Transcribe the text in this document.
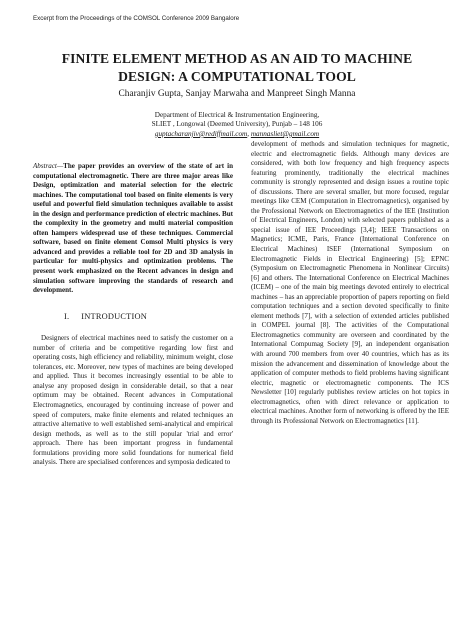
Excerpt from the Proceedings of the COMSOL Conference 2009 Bangalore
FINITE ELEMENT METHOD AS AN AID TO MACHINE
DESIGN: A COMPUTATIONAL TOOL
Charanjiv Gupta, Sanjay Marwaha and Manpreet Singh Manna
Department of Electrical & Instrumentation Engineering,
SLIET , Longowal (Deemed University), Punjab – 148 106
guptacharanjiv@rediffmail.com, mannasliet@gmail.com
Abstract—The paper provides an overview of the state of art in computational electromagnetic. There are three major areas like Design, optimization and material selection for the electric machines. The computational tool based on finite elements is very useful and powerful field simulation techniques available to assist in the design and performance prediction of electric machines. But the complexity in the geometry and multi material composition often hampers widespread use of these techniques. Commercial software, based on finite element Comsol Multi physics is very advanced and provides a reliable tool for 2D and 3D analysis in particular for multi-physics and optimization problems. The present work emphasized on the Recent advances in design and simulation software improving the standards of research and development.
I. INTRODUCTION

Designers of electrical machines need to satisfy the customer on a number of criteria and be competitive regarding low first and operating costs, high efficiency and reliability, minimum weight, close tolerances, etc. Moreover, new types of machines are being developed and applied. Thus it becomes increasingly essential to be able to analyse any proposed design in considerable detail, so that a near optimum may be obtained. Recent advances in Computational Electromagnetics, encouraged by continuing increase of power and speed of computers, make finite elements and related techniques an attractive alternative to well established semi-analytical and empirical design methods, as well as to the still popular 'trial and error' approach. There has been important progress in fundamental formulations providing more solid foundations for numerical field analysis. There are specialised conferences and symposia dedicated to

development of methods and simulation techniques for magnetic, electric and electromagnetic fields. Although many devices are considered, with both low frequency and high frequency aspects featuring prominently, traditionally the electrical machines community is strongly represented and design issues a routine topic of discussions. There are several smaller, but more focused, regular meetings like CEM (Computation in Electromagnetics), organised by the Professional Network on Electromagnetics of the IEE (Institution of Electrical Engineers, London) with selected papers published as a special issue of IEE Proceedings [3,4]; IEEE Transactions on Magnetics; ICME, Paris, France (International Conference on Electrical Machines) ISEF (International Symposium on Electromagnetic Fields in Electrical Engineering) [5]; EPNC (Symposium on Electromagnetic Phenomena in Nonlinear Circuits) [6] and others. The International Conference on Electrical Machines (ICEM) – one of the main big meetings devoted entirely to electrical machines – has an appreciable proportion of papers reporting on field computation techniques and a section devoted specifically to finite element methods [7], with a selection of extended articles published in COMPEL journal [8]. The activities of the Computational Electromagnetics community are overseen and coordinated by the International Compumag Society [9], an independent organisation with around 700 members from over 40 countries, which has as its mission the advancement and dissemination of knowledge about the application of computer methods to field problems having significant electric, magnetic or electromagnetic components. The ICS Newsletter [10] regularly publishes review articles on hot topics in electromagnetics, often with direct relevance or application to electrical machines. Another form of networking is offered by the IEE through its Professional Network on Electromagnetics [11].
